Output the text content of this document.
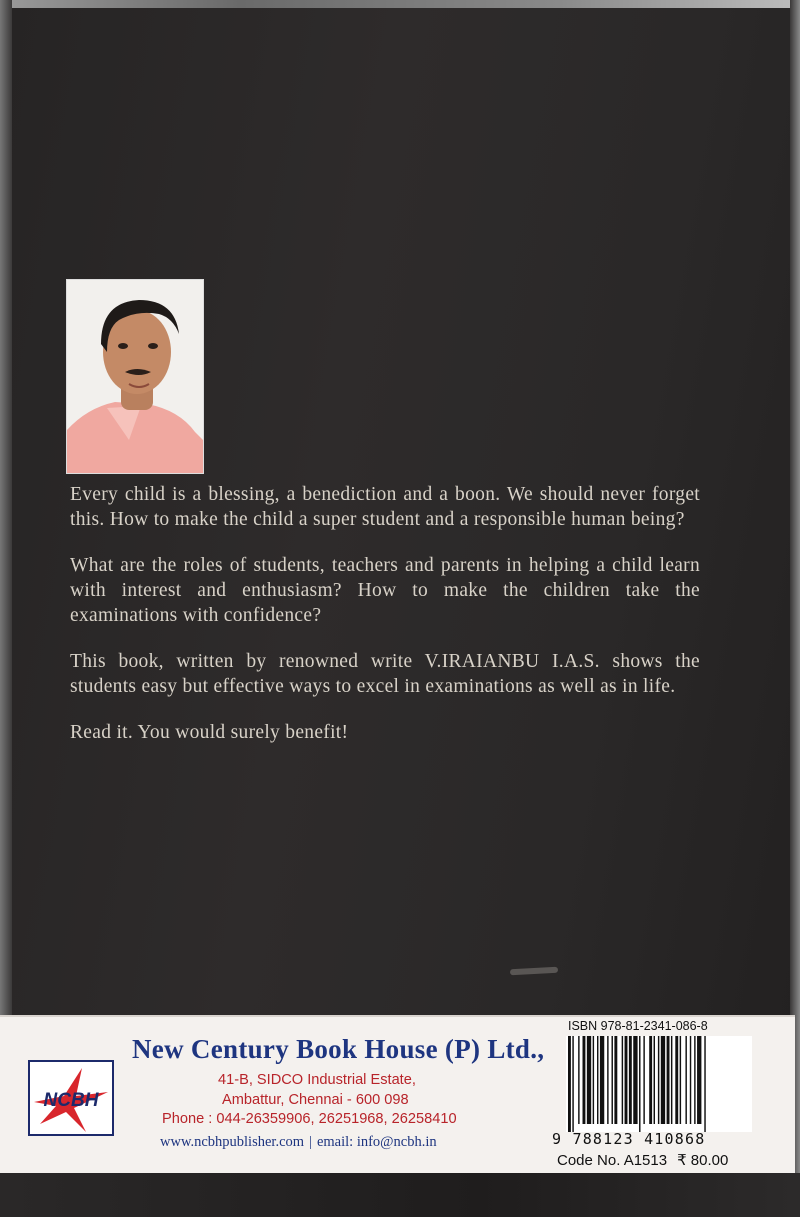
Every child is a blessing, a benediction and a boon. We should never forget this. How to make the child a super student and a responsible human being?

What are the roles of students, teachers and parents in helping a child learn with interest and enthusiasm? How to make the children take the examinations with confidence?

This book, written by renowned write V.IRAIANBU I.A.S. shows the students easy but effective ways to excel in examinations as well as in life.

Read it. You would surely benefit!

NCBH
New Century Book House (P) Ltd.,
41-B, SIDCO Industrial Estate,
Ambattur, Chennai - 600 098
Phone : 044-26359906, 26251968, 26258410
www.ncbhpublisher.com | email: info@ncbh.in
ISBN 978-81-2341-086-8
9 788123 410868
Code No. A1513 ₹ 80.00
